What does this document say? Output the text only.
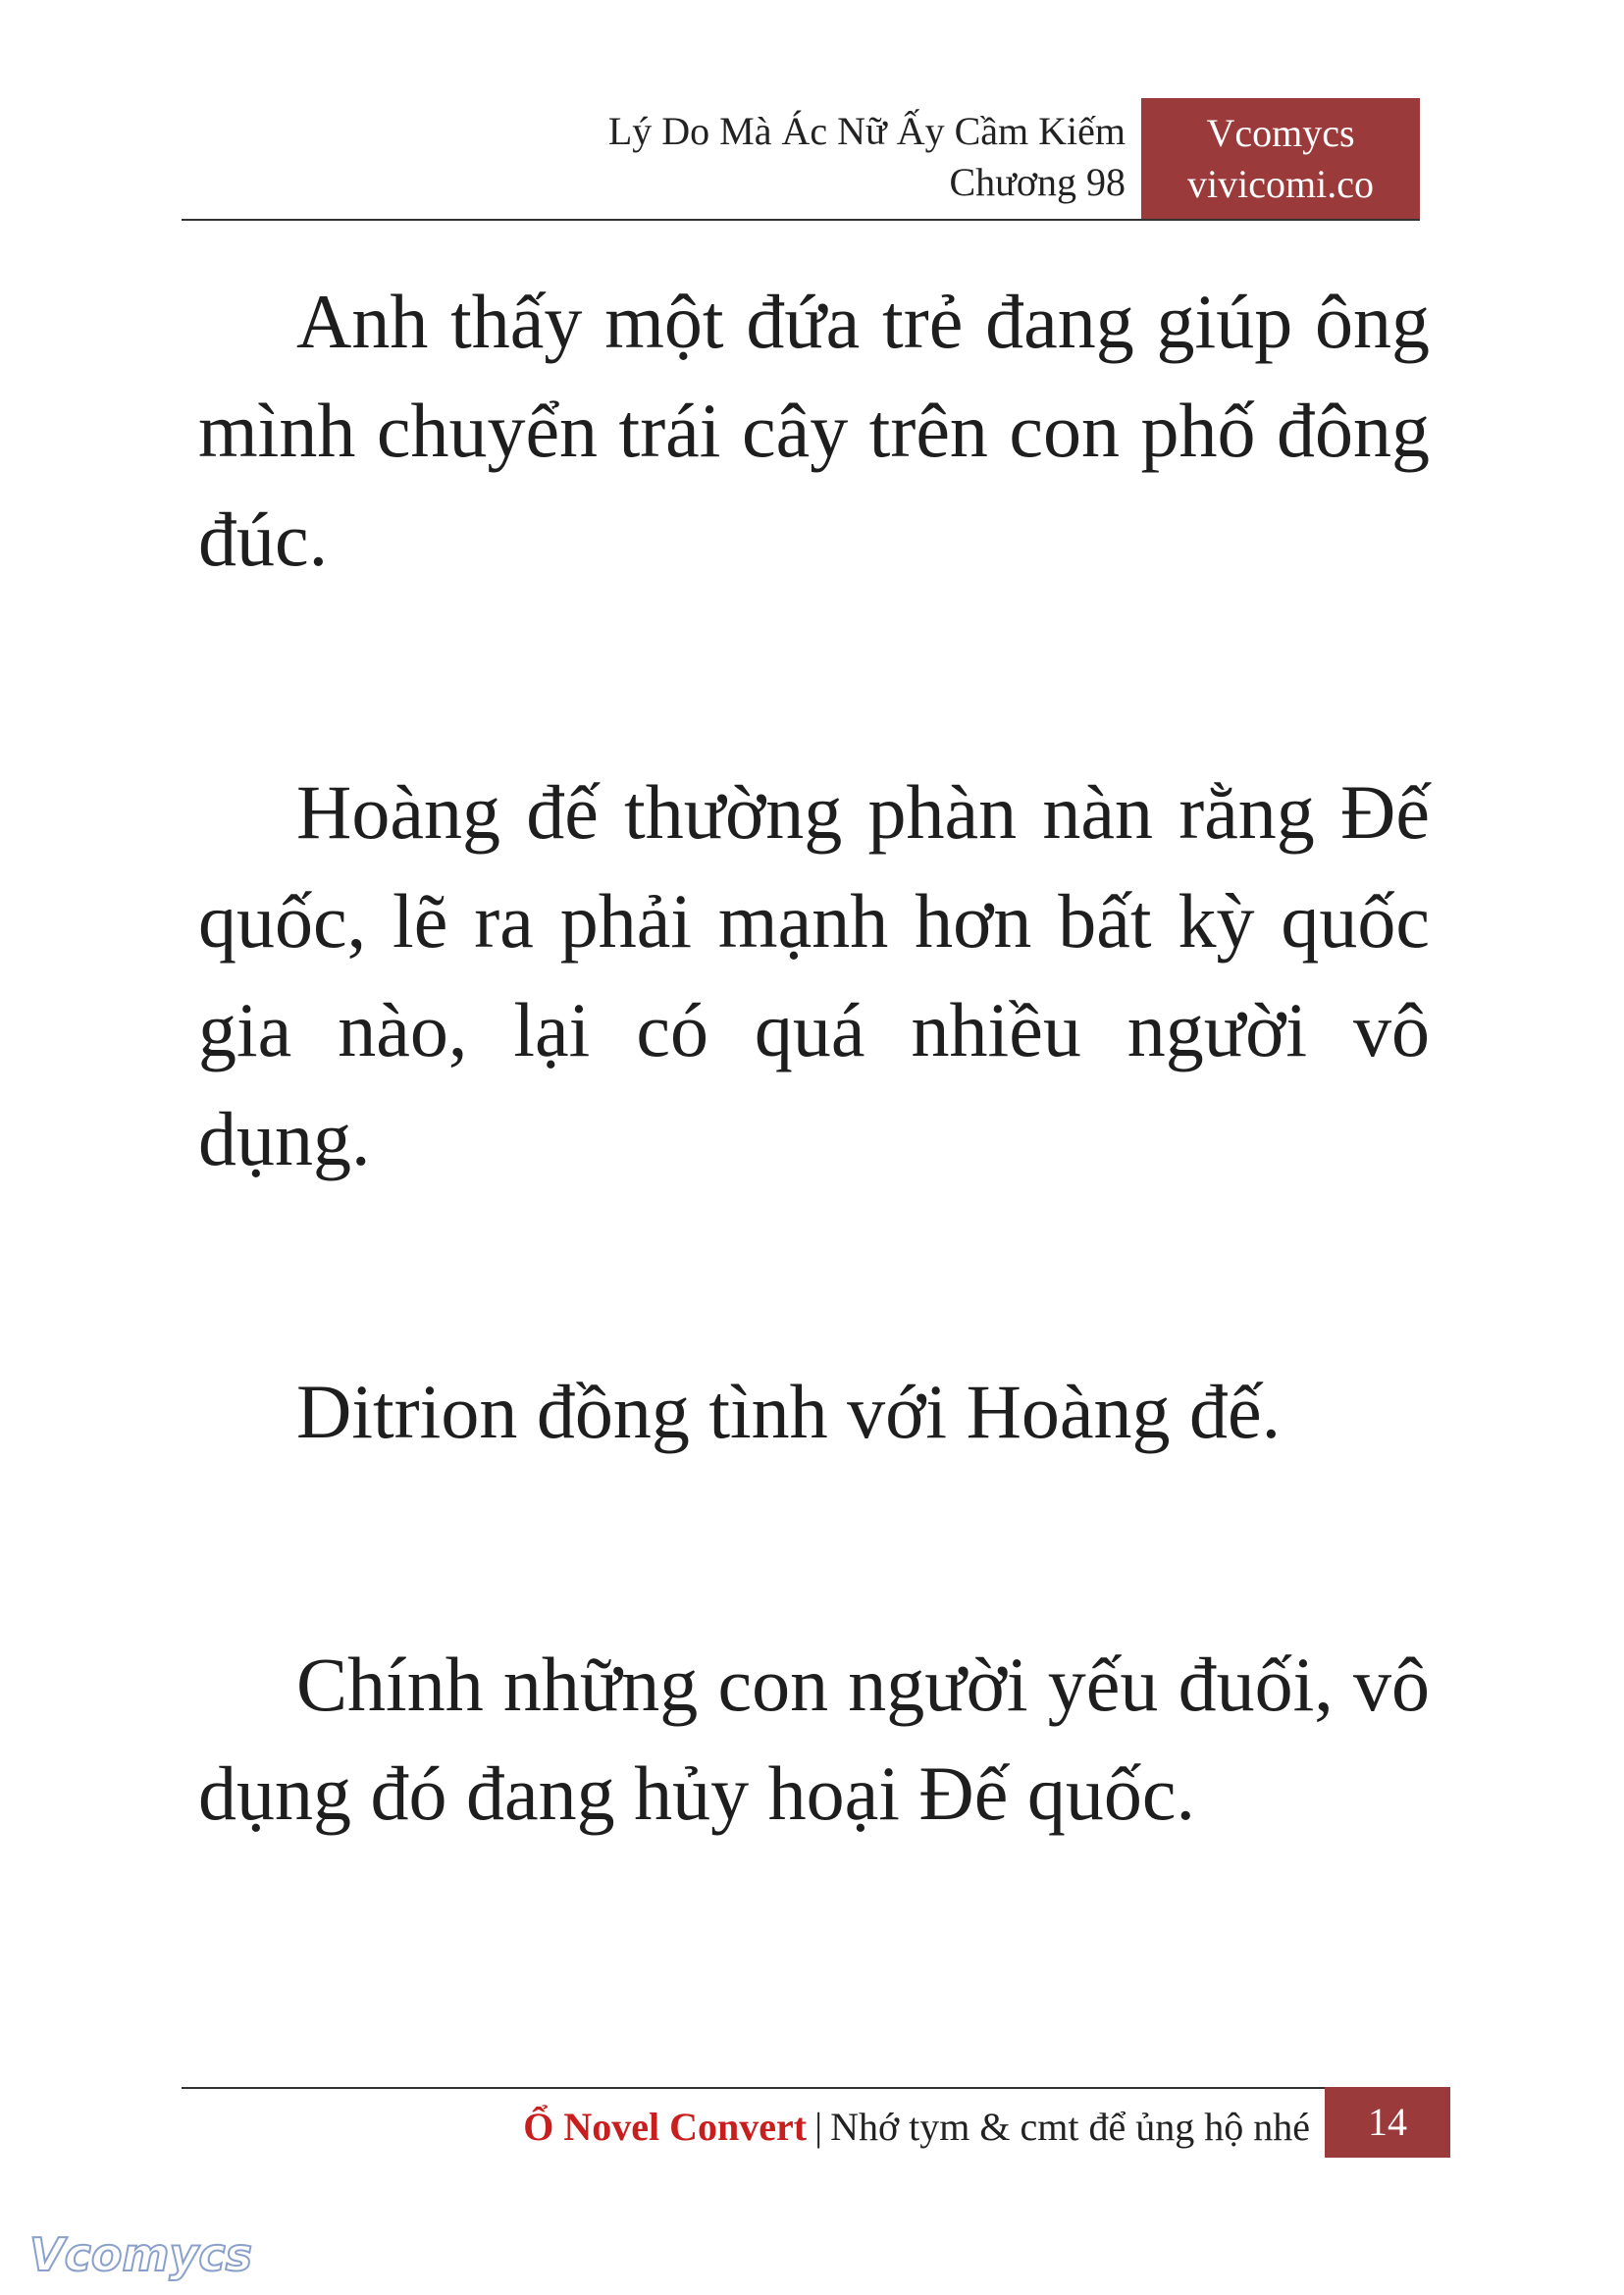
Lý Do Mà Ác Nữ Ấy Cầm Kiếm
Chương 98
Vcomycs
vivicomi.co

Anh thấy một đứa trẻ đang giúp ông mình chuyển trái cây trên con phố đông đúc.

Hoàng đế thường phàn nàn rằng Đế quốc, lẽ ra phải mạnh hơn bất kỳ quốc gia nào, lại có quá nhiều người vô dụng.

Ditrion đồng tình với Hoàng đế.

Chính những con người yếu đuối, vô dụng đó đang hủy hoại Đế quốc.

Ổ Novel Convert | Nhớ tym & cmt để ủng hộ nhé	14
Vcomycs
